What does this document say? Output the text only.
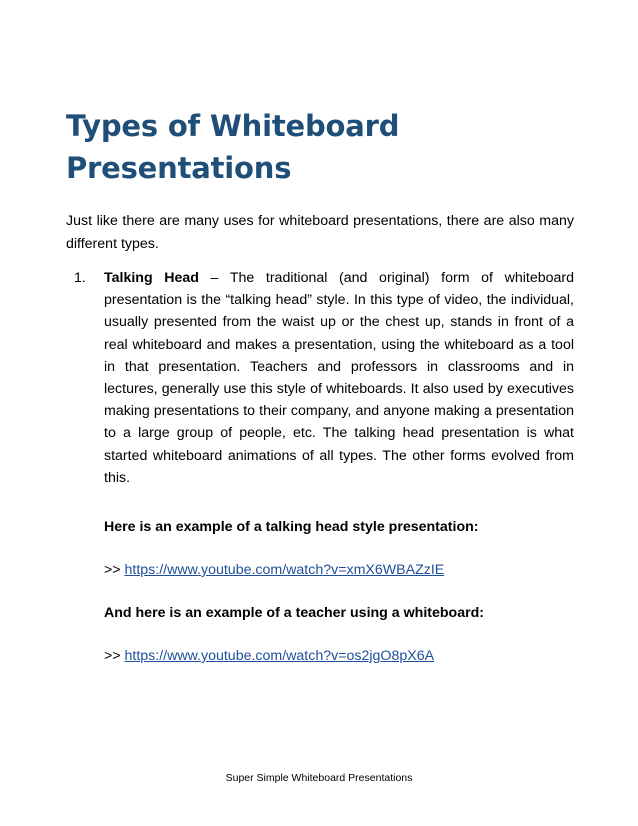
Types of Whiteboard Presentations

Just like there are many uses for whiteboard presentations, there are also many different types.

1. Talking Head – The traditional (and original) form of whiteboard presentation is the “talking head” style. In this type of video, the individual, usually presented from the waist up or the chest up, stands in front of a real whiteboard and makes a presentation, using the whiteboard as a tool in that presentation. Teachers and professors in classrooms and in lectures, generally use this style of whiteboards. It also used by executives making presentations to their company, and anyone making a presentation to a large group of people, etc. The talking head presentation is what started whiteboard animations of all types. The other forms evolved from this.

Here is an example of a talking head style presentation:

>> https://www.youtube.com/watch?v=xmX6WBAZzIE

And here is an example of a teacher using a whiteboard:

>> https://www.youtube.com/watch?v=os2jgO8pX6A

Super Simple Whiteboard Presentations
